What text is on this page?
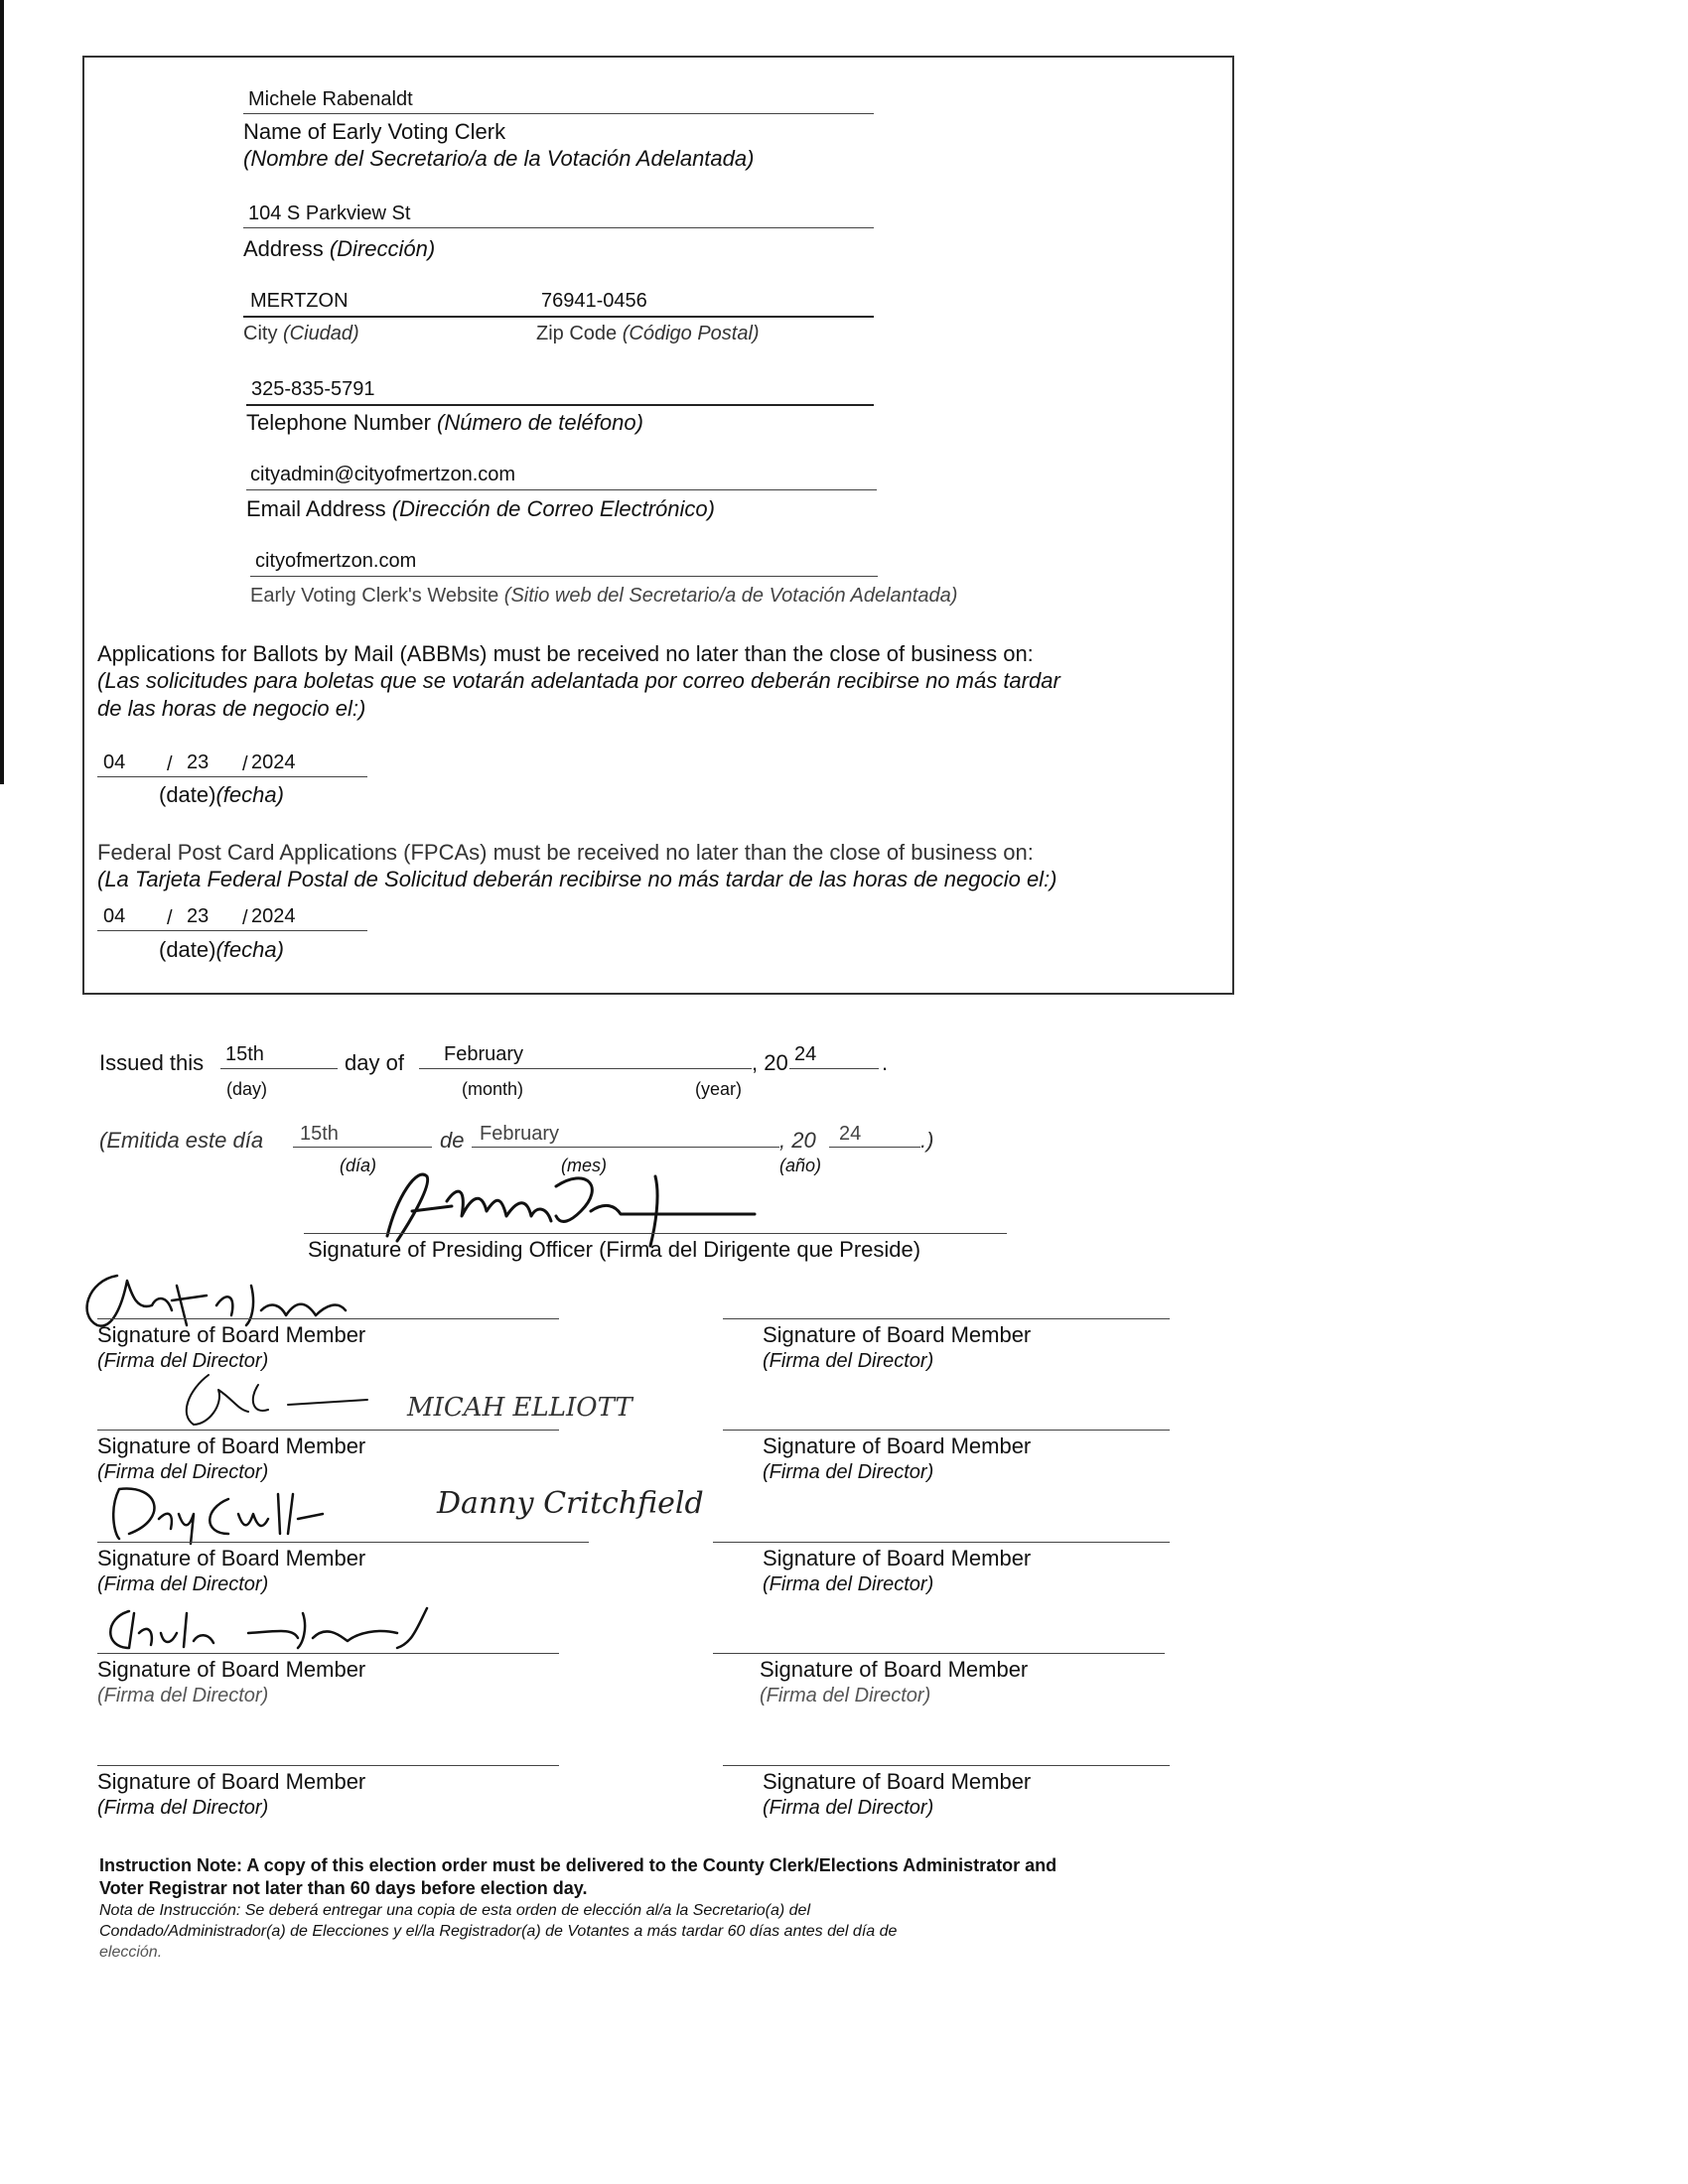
Michele Rabenaldt
Name of Early Voting Clerk
(Nombre del Secretario/a de la Votación Adelantada)
104 S Parkview St
Address (Dirección)
MERTZON	76941-0456
City (Ciudad)	Zip Code (Código Postal)
325-835-5791
Telephone Number (Número de teléfono)
cityadmin@cityofmertzon.com
Email Address (Dirección de Correo Electrónico)
cityofmertzon.com
Early Voting Clerk's Website (Sitio web del Secretario/a de Votación Adelantada)
Applications for Ballots by Mail (ABBMs) must be received no later than the close of business on:
(Las solicitudes para boletas que se votarán adelantada por correo deberán recibirse no más tardar
de las horas de negocio el:)
04 / 23 / 2024
(date)(fecha)
Federal Post Card Applications (FPCAs) must be received no later than the close of business on:
(La Tarjeta Federal Postal de Solicitud deberán recibirse no más tardar de las horas de negocio el:)
04 / 23 / 2024
(date)(fecha)
Issued this 15th	day of February	, 20 24	.
(day)	(month)	(year)
(Emitida este día 15th	de February	, 20 24	.)
(día)	(mes)	(año)
Signature of Presiding Officer (Firma del Dirigente que Preside)
Signature of Board Member
(Firma del Director)
Signature of Board Member
(Firma del Director)
MICAH ELLIOTT
Signature of Board Member
(Firma del Director)
Signature of Board Member
(Firma del Director)
Danny Critchfield
Signature of Board Member
(Firma del Director)
Signature of Board Member
(Firma del Director)
Signature of Board Member
(Firma del Director)
Signature of Board Member
(Firma del Director)
Signature of Board Member
(Firma del Director)
Signature of Board Member
(Firma del Director)
Instruction Note: A copy of this election order must be delivered to the County Clerk/Elections Administrator and
Voter Registrar not later than 60 days before election day.
Nota de Instrucción: Se deberá entregar una copia de esta orden de elección al/a la Secretario(a) del
Condado/Administrador(a) de Elecciones y el/la Registrador(a) de Votantes a más tardar 60 días antes del día de
elección.
